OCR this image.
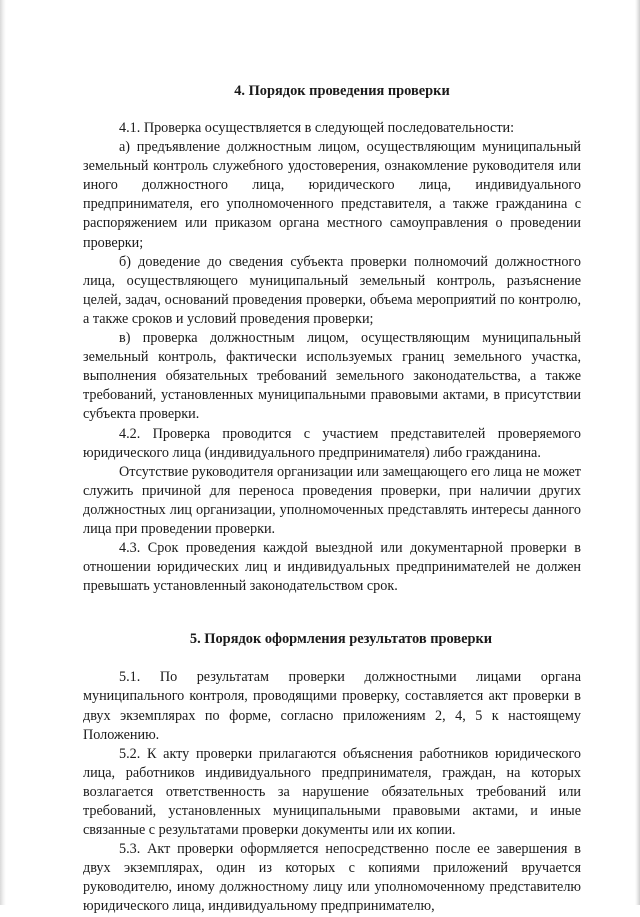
4. Порядок проведения проверки

4.1. Проверка осуществляется в следующей последовательности:

а) предъявление должностным лицом, осуществляющим муниципальный земельный контроль служебного удостоверения, ознакомление руководителя или иного должностного лица, юридического лица, индивидуального предпринимателя, его уполномоченного представителя, а также гражданина с распоряжением или приказом органа местного самоуправления о проведении проверки;

б) доведение до сведения субъекта проверки полномочий должностного лица, осуществляющего муниципальный земельный контроль, разъяснение целей, задач, оснований проведения проверки, объема мероприятий по контролю, а также сроков и условий проведения проверки;

в) проверка должностным лицом, осуществляющим муниципальный земельный контроль, фактически используемых границ земельного участка, выполнения обязательных требований земельного законодательства, а также требований, установленных муниципальными правовыми актами, в присутствии субъекта проверки.

4.2. Проверка проводится с участием представителей проверяемого юридического лица (индивидуального предпринимателя) либо гражданина.

Отсутствие руководителя организации или замещающего его лица не может служить причиной для переноса проведения проверки, при наличии других должностных лиц организации, уполномоченных представлять интересы данного лица при проведении проверки.

4.3. Срок проведения каждой выездной или документарной проверки в отношении юридических лиц и индивидуальных предпринимателей не должен превышать установленный законодательством срок.

5. Порядок оформления результатов проверки

5.1. По результатам проверки должностными лицами органа муниципального контроля, проводящими проверку, составляется акт проверки в двух экземплярах по форме, согласно приложениям 2, 4, 5 к настоящему Положению.

5.2. К акту проверки прилагаются объяснения работников юридического лица, работников индивидуального предпринимателя, граждан, на которых возлагается ответственность за нарушение обязательных требований или требований, установленных муниципальными правовыми актами, и иные связанные с результатами проверки документы или их копии.

5.3. Акт проверки оформляется непосредственно после ее завершения в двух экземплярах, один из которых с копиями приложений вручается руководителю, иному должностному лицу или уполномоченному представителю юридического лица, индивидуальному предпринимателю,
